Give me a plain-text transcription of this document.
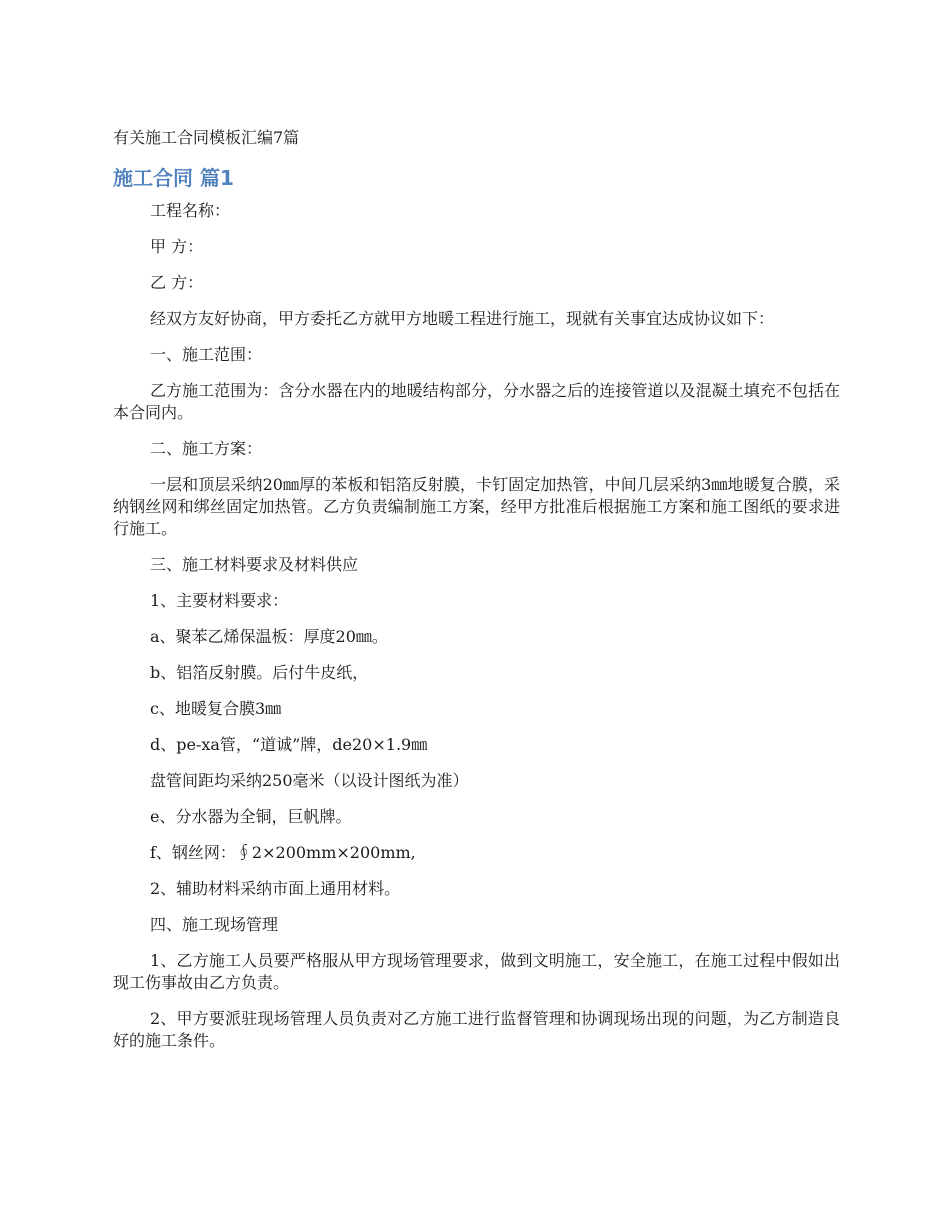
有关施工合同模板汇编7篇
施工合同 篇1

工程名称：

甲 方：

乙 方：

经双方友好协商，甲方委托乙方就甲方地暖工程进行施工，现就有关事宜达成协议如下：

一、施工范围：

乙方施工范围为：含分水器在内的地暖结构部分，分水器之后的连接管道以及混凝土填充不包括在本合同内。

二、施工方案：

一层和顶层采纳20㎜厚的苯板和铝箔反射膜，卡钉固定加热管，中间几层采纳3㎜地暖复合膜，采纳钢丝网和绑丝固定加热管。乙方负责编制施工方案，经甲方批准后根据施工方案和施工图纸的要求进行施工。

三、施工材料要求及材料供应

1、主要材料要求：

a、聚苯乙烯保温板：厚度20㎜。

b、铝箔反射膜。后付牛皮纸，

c、地暖复合膜3㎜

d、pe-xa管，“道诚”牌，de20×1.9㎜

盘管间距均采纳250毫米（以设计图纸为准）

e、分水器为全铜，巨帆牌。

f、钢丝网：∮2×200mm×200mm,

2、辅助材料采纳市面上通用材料。

四、施工现场管理

1、乙方施工人员要严格服从甲方现场管理要求，做到文明施工，安全施工，在施工过程中假如出现工伤事故由乙方负责。

2、甲方要派驻现场管理人员负责对乙方施工进行监督管理和协调现场出现的问题，为乙方制造良好的施工条件。
